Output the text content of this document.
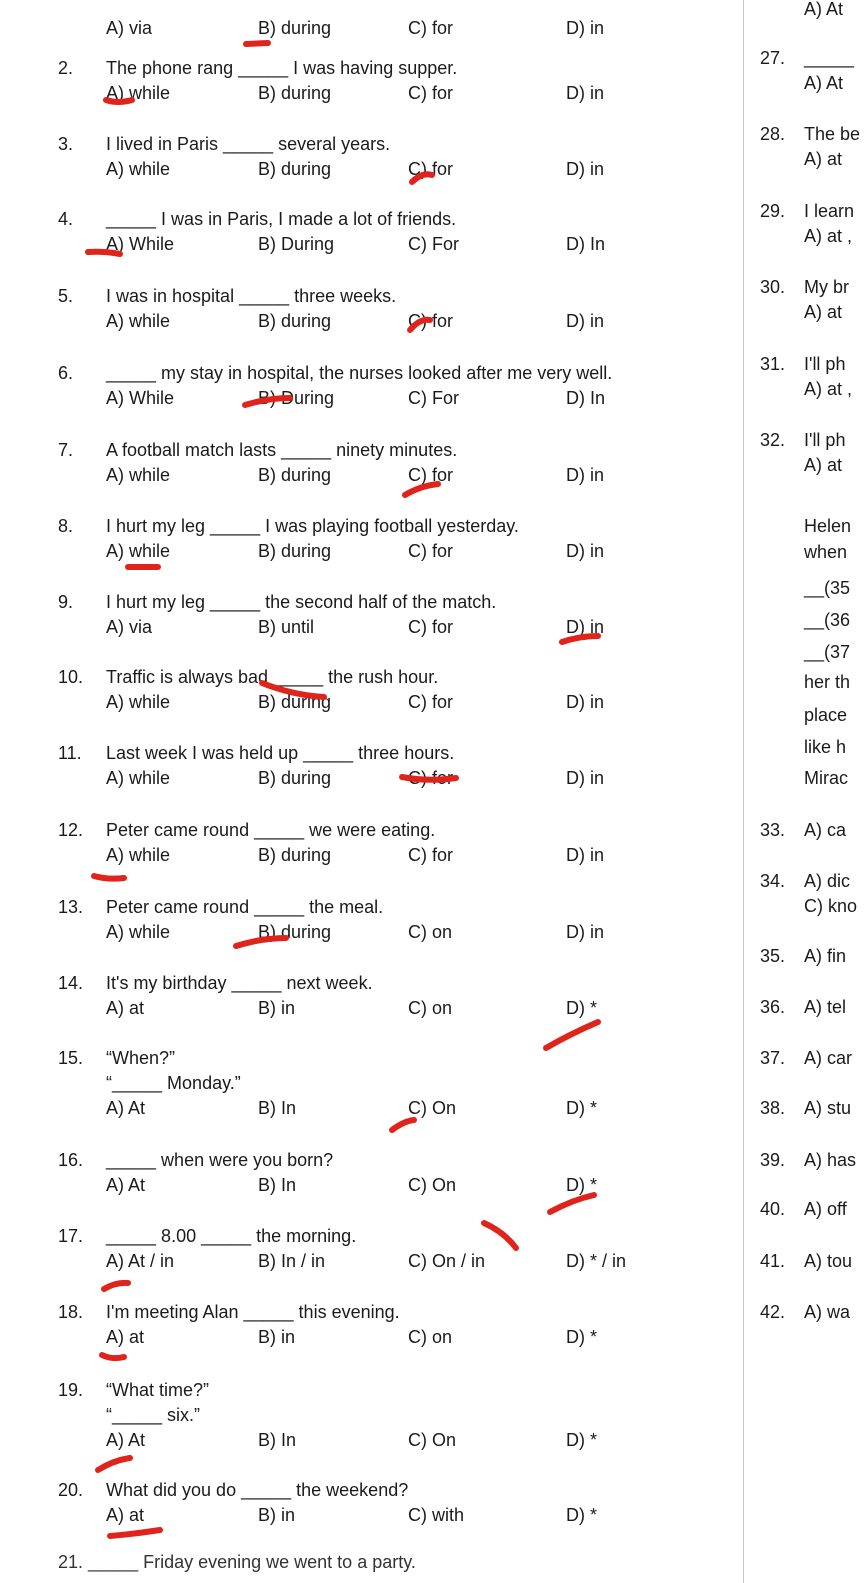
A) via	B) during	C) for	D) in
2.	The phone rang _____ I was having supper.
A) while	B) during	C) for	D) in
3.	I lived in Paris _____ several years.
A) while	B) during	C) for	D) in
4.	_____ I was in Paris, I made a lot of friends.
A) While	B) During	C) For	D) In
5.	I was in hospital _____ three weeks.
A) while	B) during	C) for	D) in
6.	_____ my stay in hospital, the nurses looked after me very well.
A) While	B) During	C) For	D) In
7.	A football match lasts _____ ninety minutes.
A) while	B) during	C) for	D) in
8.	I hurt my leg _____ I was playing football yesterday.
A) while	B) during	C) for	D) in
9.	I hurt my leg _____ the second half of the match.
A) via	B) until	C) for	D) in
10.	Traffic is always bad _____ the rush hour.
A) while	B) during	C) for	D) in
11.	Last week I was held up _____ three hours.
A) while	B) during	C) for	D) in
12.	Peter came round _____ we were eating.
A) while	B) during	C) for	D) in
13.	Peter came round _____ the meal.
A) while	B) during	C) on	D) in
14.	It's my birthday _____ next week.
A) at	B) in	C) on	D) *
15.	“When?”
“_____ Monday.”
A) At	B) In	C) On	D) *
16.	_____ when were you born?
A) At	B) In	C) On	D) *
17.	_____ 8.00 _____ the morning.
A) At / in	B) In / in	C) On / in	D) * / in
18.	I'm meeting Alan _____ this evening.
A) at	B) in	C) on	D) *
19.	“What time?”
“_____ six.”
A) At	B) In	C) On	D) *
20.	What did you do _____ the weekend?
A) at	B) in	C) with	D) *
21. _____ Friday evening we went to a party.
A) At
27. _____
A) At
28. The be
A) at
29. I learn
A) at ,
30. My br
A) at
31. I'll ph
A) at ,
32. I'll ph
A) at
Helen
when
__(35
__(36
__(37
her th
place
like h
Mirac
33. A) ca
34. A) dic
C) kno
35. A) fin
36. A) tel
37. A) car
38. A) stu
39. A) has
40. A) off
41. A) tou
42. A) wa
